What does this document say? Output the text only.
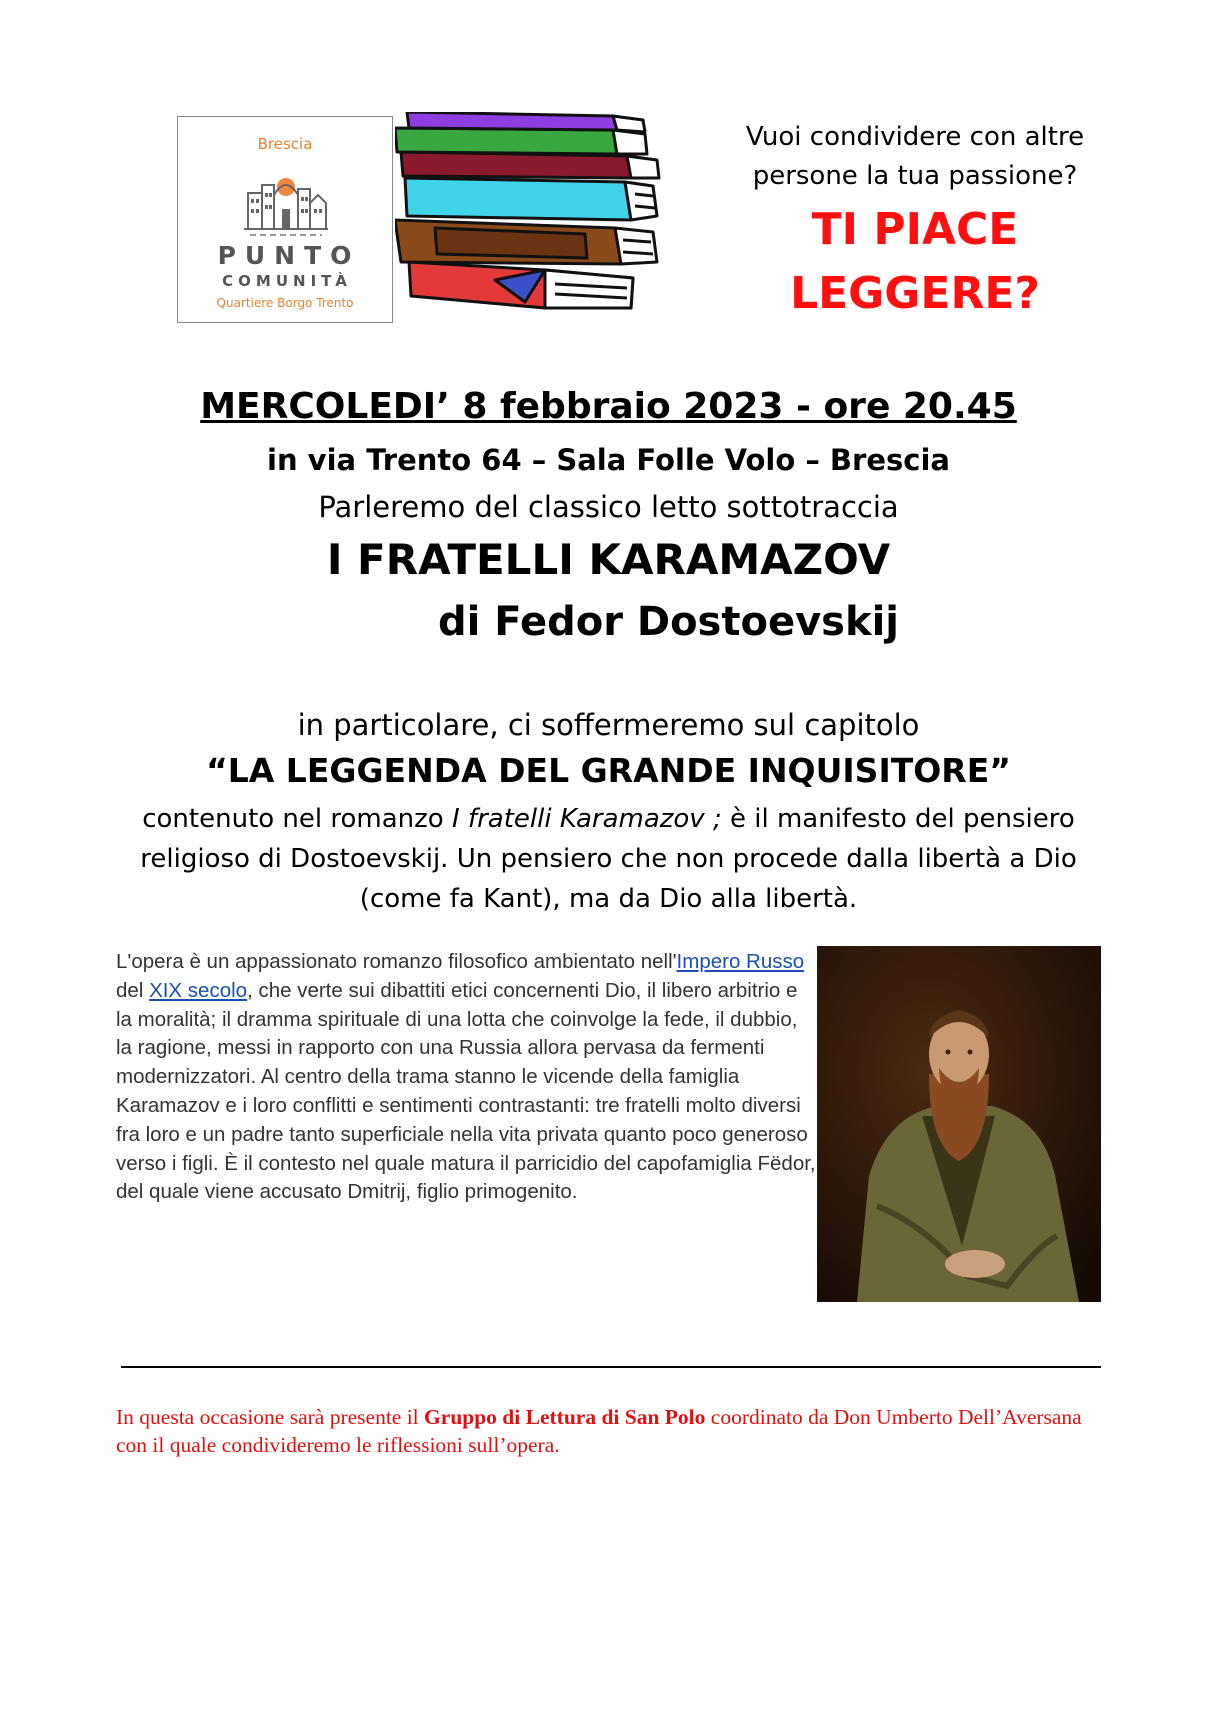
Brescia
PUNTO
COMUNITÀ
Quartiere Borgo Trento
Vuoi condividere con altre
persone la tua passione?
TI PIACE
LEGGERE?
MERCOLEDI’ 8 febbraio 2023 - ore 20.45
in via Trento 64 – Sala Folle Volo – Brescia
Parleremo del classico letto sottotraccia
I FRATELLI KARAMAZOV
di Fedor Dostoevskij
in particolare, ci soffermeremo sul capitolo
“LA LEGGENDA DEL GRANDE INQUISITORE”
contenuto nel romanzo I fratelli Karamazov ; è il manifesto del pensiero religioso di Dostoevskij. Un pensiero che non procede dalla libertà a Dio (come fa Kant), ma da Dio alla libertà.
L'opera è un appassionato romanzo filosofico ambientato nell'Impero Russo del XIX secolo, che verte sui dibattiti etici concernenti Dio, il libero arbitrio e la moralità; il dramma spirituale di una lotta che coinvolge la fede, il dubbio, la ragione, messi in rapporto con una Russia allora pervasa da fermenti modernizzatori. Al centro della trama stanno le vicende della famiglia Karamazov e i loro conflitti e sentimenti contrastanti: tre fratelli molto diversi fra loro e un padre tanto superficiale nella vita privata quanto poco generoso verso i figli. È il contesto nel quale matura il parricidio del capofamiglia Fëdor, del quale viene accusato Dmitrij, figlio primogenito.
In questa occasione sarà presente il Gruppo di Lettura di San Polo coordinato da Don Umberto Dell’Aversana con il quale condivideremo le riflessioni sull’opera.
